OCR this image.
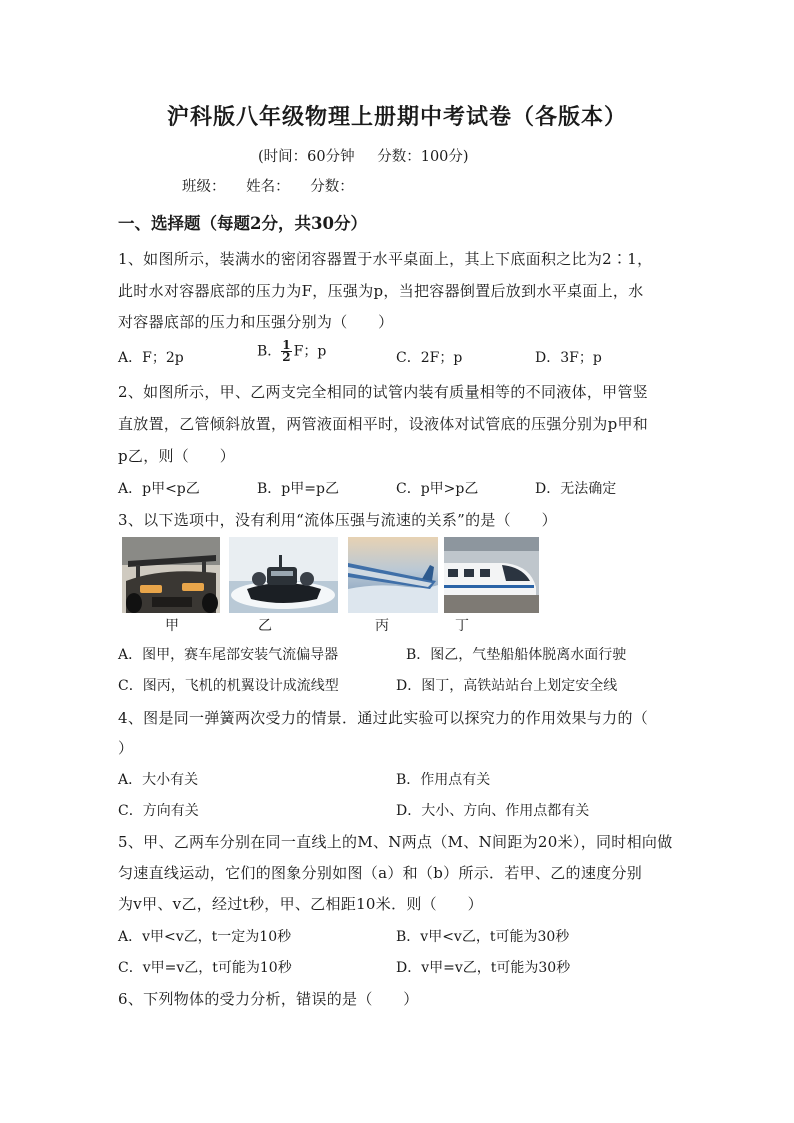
沪科版八年级物理上册期中考试卷（各版本）
(时间：60分钟 分数：100分)
班级： 姓名： 分数：
一、选择题（每题2分，共30分）
1、如图所示，装满水的密闭容器置于水平桌面上，其上下底面积之比为2∶1，
此时水对容器底部的压力为F，压强为p，当把容器倒置后放到水平桌面上，水
对容器底部的压力和压强分别为（　　）
A．F；2p	B． $\frac{1}{2}$ F；p	C．2F；p	D．3F；p
2、如图所示，甲、乙两支完全相同的试管内装有质量相等的不同液体，甲管竖
直放置，乙管倾斜放置，两管液面相平时，设液体对试管底的压强分别为p甲和
p乙，则（　　）
A．p甲<p乙	B．p甲=p乙	C．p甲>p乙	D．无法确定
3、以下选项中，没有利用“流体压强与流速的关系”的是（　　）
甲	乙	丙	丁
A．图甲，赛车尾部安装气流偏导器	B．图乙，气垫船船体脱离水面行驶
C．图丙，飞机的机翼设计成流线型	D．图丁，高铁站站台上划定安全线
4、图是同一弹簧两次受力的情景．通过此实验可以探究力的作用效果与力的（
）
A．大小有关	B．作用点有关
C．方向有关	D．大小、方向、作用点都有关
5、甲、乙两车分别在同一直线上的M、N两点（M、N间距为20米），同时相向做
匀速直线运动，它们的图象分别如图（a）和（b）所示．若甲、乙的速度分别
为v甲、v乙，经过t秒，甲、乙相距10米．则（　　）
A．v甲<v乙，t一定为10秒	B．v甲<v乙，t可能为30秒
C．v甲=v乙，t可能为10秒	D．v甲=v乙，t可能为30秒
6、下列物体的受力分析，错误的是（　　）
